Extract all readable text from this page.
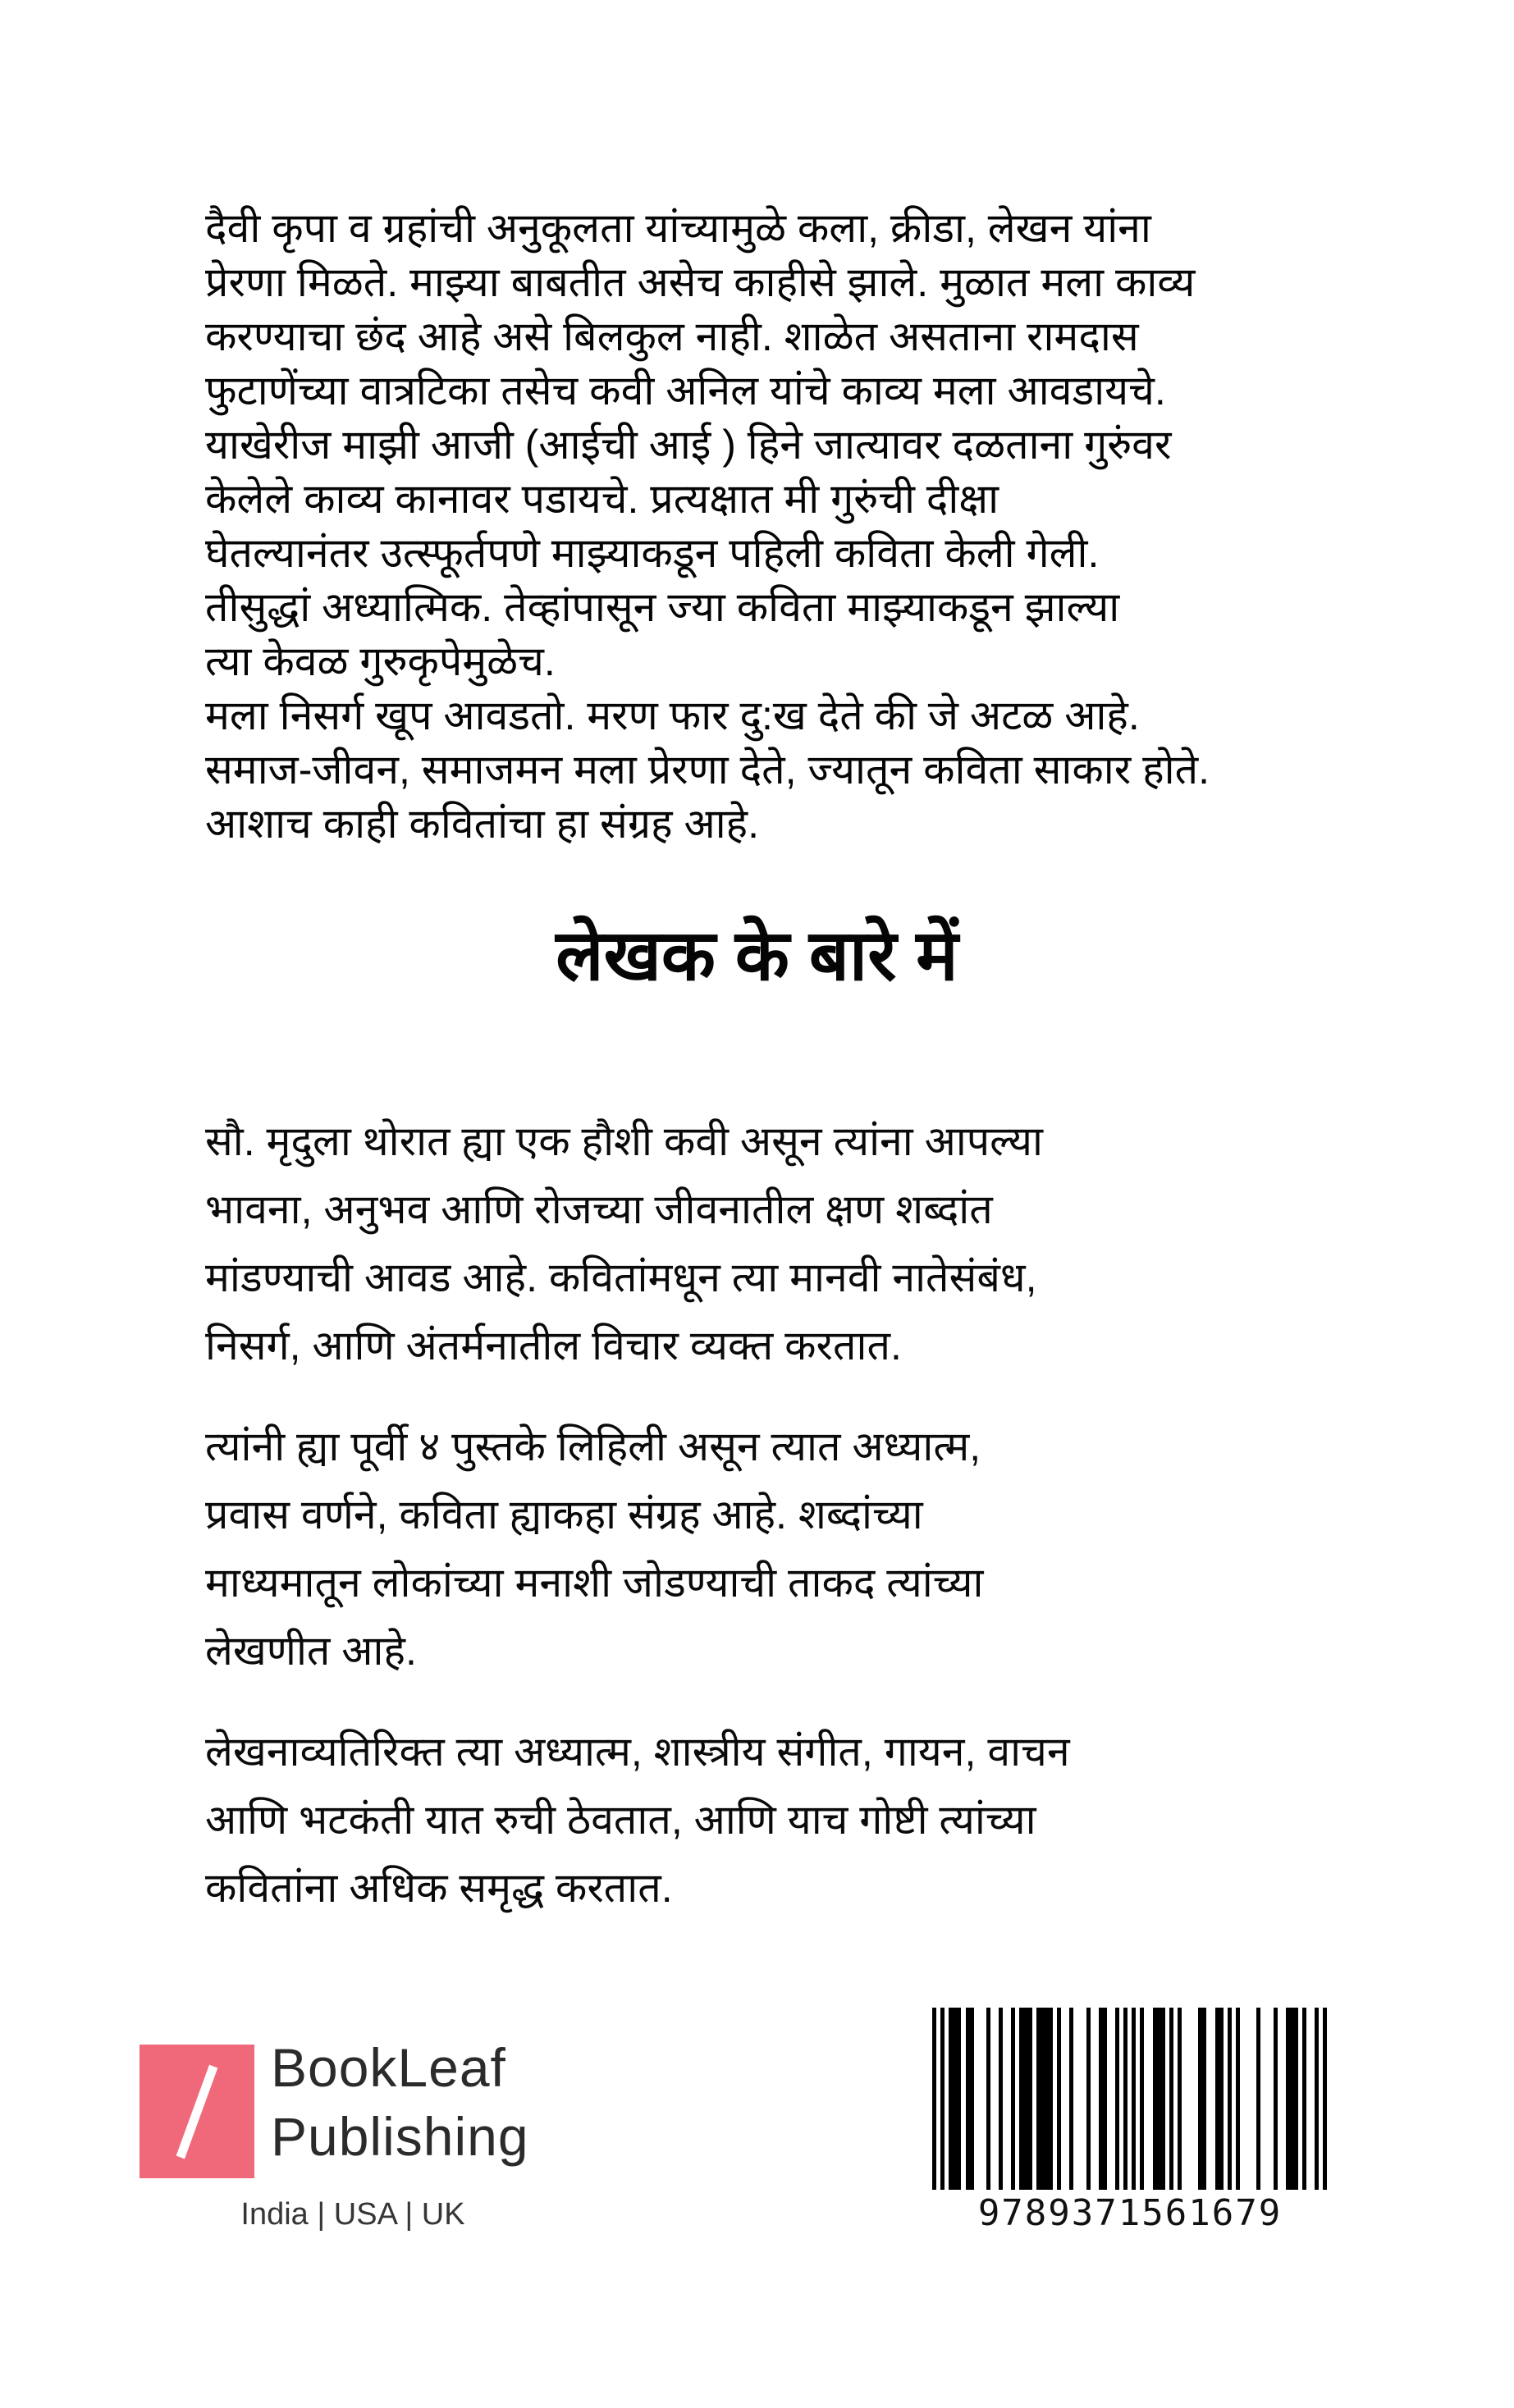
दैवी कृपा व ग्रहांची अनुकूलता यांच्यामुळे कला, क्रीडा, लेखन यांना
प्रेरणा मिळते. माझ्या बाबतीत असेच काहीसे झाले. मुळात मला काव्य
करण्याचा छंद आहे असे बिलकुल नाही. शाळेत असताना रामदास
फुटाणेंच्या वात्रटिका तसेच कवी अनिल यांचे काव्य मला आवडायचे.
याखेरीज माझी आजी (आईची आई ) हिने जात्यावर दळताना गुरुंवर
केलेले काव्य कानावर पडायचे. प्रत्यक्षात मी गुरुंची दीक्षा
घेतल्यानंतर उत्स्फूर्तपणे माझ्याकडून पहिली कविता केली गेली.
तीसुद्धां अध्यात्मिक. तेव्हांपासून ज्या कविता माझ्याकडून झाल्या
त्या केवळ गुरुकृपेमुळेच.
मला निसर्ग खूप आवडतो. मरण फार दु:ख देते की जे अटळ आहे.
समाज-जीवन, समाजमन मला प्रेरणा देते, ज्यातून कविता साकार होते.
आशाच काही कवितांचा हा संग्रह आहे.
लेखक के बारे में
सौ. मृदुला थोरात ह्या एक हौशी कवी असून त्यांना आपल्या
भावना, अनुभव आणि रोजच्या जीवनातील क्षण शब्दांत
मांडण्याची आवड आहे. कवितांमधून त्या मानवी नातेसंबंध,
निसर्ग, आणि अंतर्मनातील विचार व्यक्त करतात.
त्यांनी ह्या पूर्वी ४ पुस्तके लिहिली असून त्यात अध्यात्म,
प्रवास वर्णने, कविता ह्याकहा संग्रह आहे. शब्दांच्या
माध्यमातून लोकांच्या मनाशी जोडण्याची ताकद त्यांच्या
लेखणीत आहे.
लेखनाव्यतिरिक्त त्या अध्यात्म, शास्त्रीय संगीत, गायन, वाचन
आणि भटकंती यात रुची ठेवतात, आणि याच गोष्टी त्यांच्या
कवितांना अधिक समृद्ध करतात.
BookLeaf
Publishing
India | USA | UK	9789371561679
